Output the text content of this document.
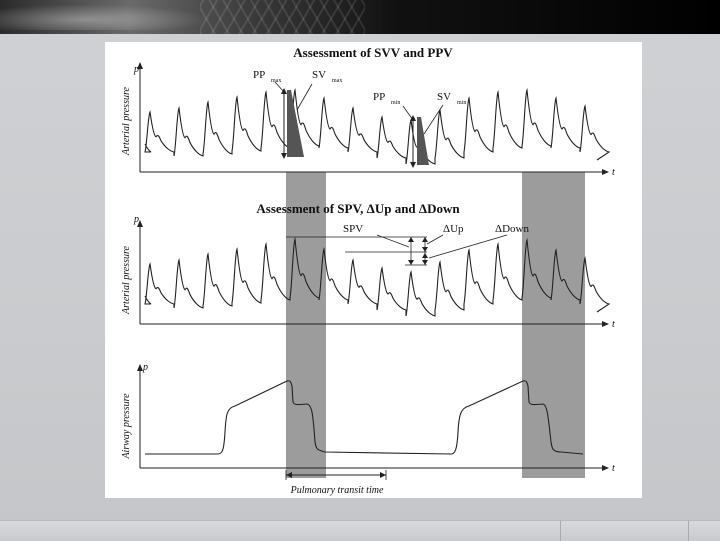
Assessment of SVV and PPV
p
t
Arterial pressure
PP max	SV max
PP min	SV min
Assessment of SPV, ΔUp and ΔDown
p
t
Arterial pressure
SPV	ΔUp	ΔDown
p
t
Airway pressure
Pulmonary transit time
